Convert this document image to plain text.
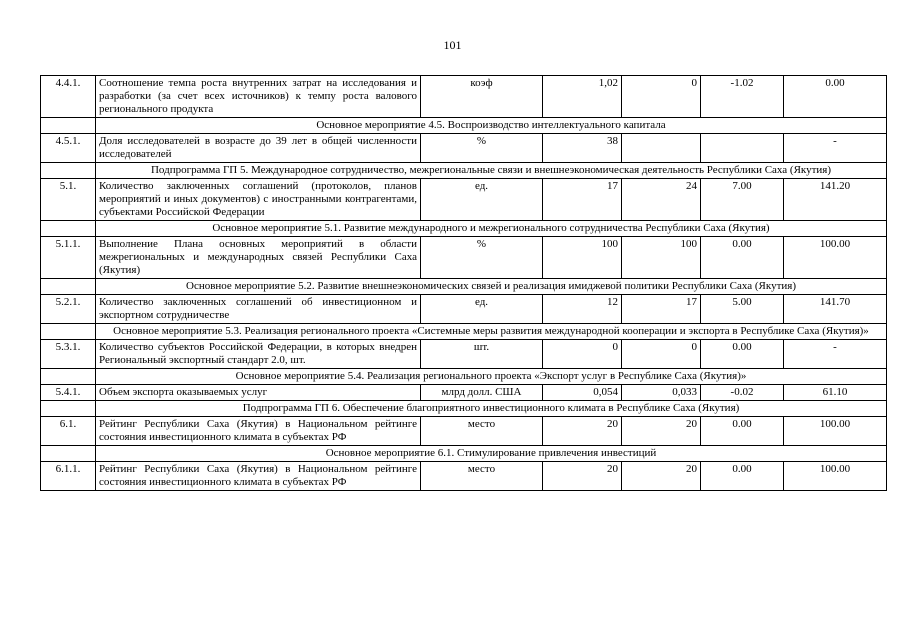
101
4.4.1.	Соотношение темпа роста внутренних затрат на исследования и разработки (за счет всех источников) к темпу роста валового регионального продукта	коэф	1,02	0	-1.02	0.00
	Основное мероприятие 4.5. Воспроизводство интеллектуального капитала					
4.5.1.	Доля исследователей в возрасте до 39 лет в общей численности исследователей	%	38			-
	Подпрограмма ГП 5. Международное сотрудничество, межрегиональные связи и внешнеэкономическая деятельность Республики Саха (Якутия)					
5.1.	Количество заключенных соглашений (протоколов, планов мероприятий и иных документов) с иностранными контрагентами, субъектами Российской Федерации	ед.	17	24	7.00	141.20
	Основное мероприятие 5.1. Развитие международного и межрегионального сотрудничества Республики Саха (Якутия)					
5.1.1.	Выполнение Плана основных мероприятий в области межрегиональных и международных связей Республики Саха (Якутия)	%	100	100	0.00	100.00
	Основное мероприятие 5.2. Развитие внешнеэкономических связей и реализация имиджевой политики Республики Саха (Якутия)					
5.2.1.	Количество заключенных соглашений об инвестиционном и экспортном сотрудничестве	ед.	12	17	5.00	141.70
	Основное мероприятие 5.3. Реализация регионального проекта «Системные меры развития международной кооперации и экспорта в Республике Саха (Якутия)»					
5.3.1.	Количество субъектов Российской Федерации, в которых внедрен Региональный экспортный стандарт 2.0, шт.	шт.	0	0	0.00	-
	Основное мероприятие 5.4. Реализация регионального проекта «Экспорт услуг в Республике Саха (Якутия)»					
5.4.1.	Объем экспорта оказываемых услуг	млрд долл. США	0,054	0,033	-0.02	61.10
	Подпрограмма ГП 6. Обеспечение благоприятного инвестиционного климата в Республике Саха (Якутия)					
6.1.	Рейтинг Республики Саха (Якутия) в Национальном рейтинге состояния инвестиционного климата в субъектах РФ	место	20	20	0.00	100.00
	Основное мероприятие 6.1. Стимулирование привлечения инвестиций					
6.1.1.	Рейтинг Республики Саха (Якутия) в Национальном рейтинге состояния инвестиционного климата в субъектах РФ	место	20	20	0.00	100.00
